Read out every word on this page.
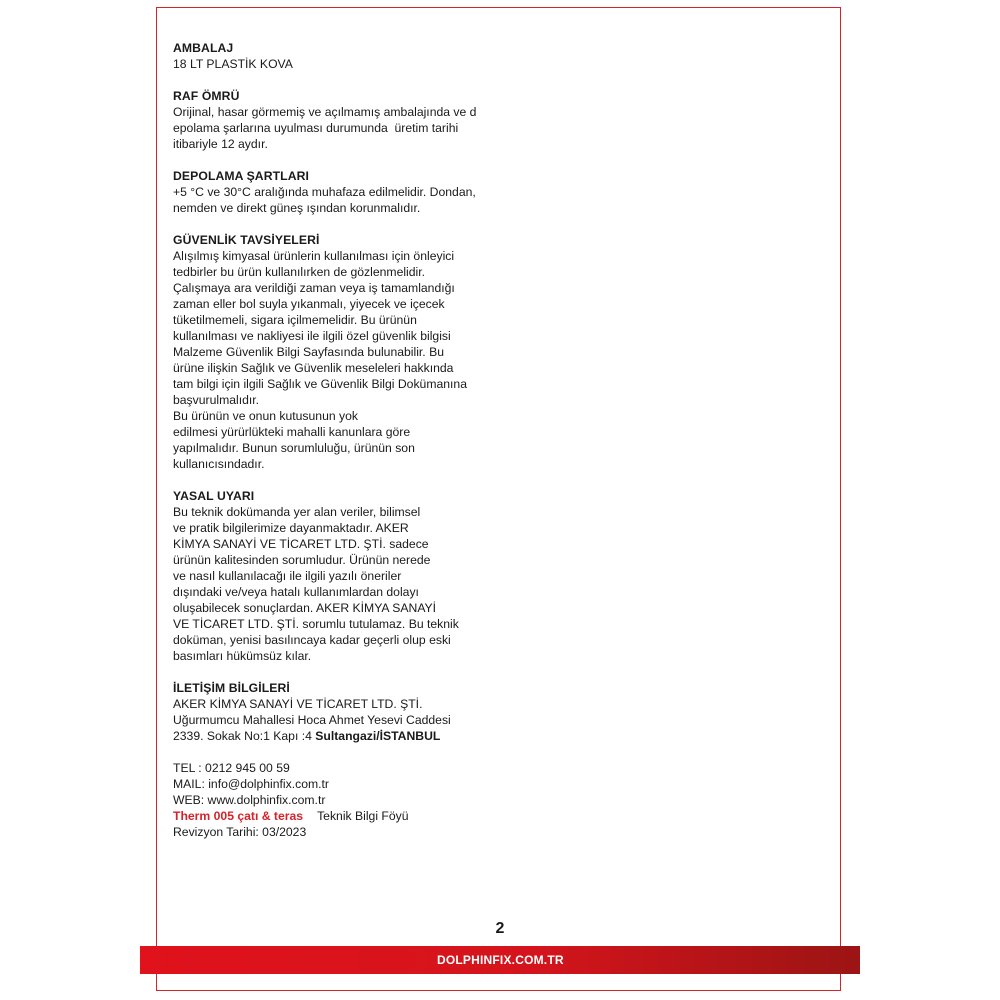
AMBALAJ
18 LT PLASTİK KOVA
RAF ÖMRÜ
Orijinal, hasar görmemiş ve açılmamış ambalajında ve d
epolama şarlarına uyulması durumunda  üretim tarihi
itibariyle 12 aydır.
DEPOLAMA ŞARTLARI
+5 °C ve 30°C aralığında muhafaza edilmelidir. Dondan,
nemden ve direkt güneş ışından korunmalıdır.
GÜVENLİK TAVSİYELERİ
Alışılmış kimyasal ürünlerin kullanılması için önleyici
tedbirler bu ürün kullanılırken de gözlenmelidir.
Çalışmaya ara verildiği zaman veya iş tamamlandığı
zaman eller bol suyla yıkanmalı, yiyecek ve içecek
tüketilmemeli, sigara içilmemelidir. Bu ürünün
kullanılması ve nakliyesi ile ilgili özel güvenlik bilgisi
Malzeme Güvenlik Bilgi Sayfasında bulunabilir. Bu
ürüne ilişkin Sağlık ve Güvenlik meseleleri hakkında
tam bilgi için ilgili Sağlık ve Güvenlik Bilgi Dokümanına
başvurulmalıdır.
Bu ürünün ve onun kutusunun yok
edilmesi yürürlükteki mahalli kanunlara göre
yapılmalıdır. Bunun sorumluluğu, ürünün son
kullanıcısındadır.
YASAL UYARI
Bu teknik dokümanda yer alan veriler, bilimsel
ve pratik bilgilerimize dayanmaktadır. AKER
KİMYA SANAYİ VE TİCARET LTD. ŞTİ. sadece
ürünün kalitesinden sorumludur. Ürünün nerede
ve nasıl kullanılacağı ile ilgili yazılı öneriler
dışındaki ve/veya hatalı kullanımlardan dolayı
oluşabilecek sonuçlardan. AKER KİMYA SANAYİ
VE TİCARET LTD. ŞTİ. sorumlu tutulamaz. Bu teknik
doküman, yenisi basılıncaya kadar geçerli olup eski
basımları hükümsüz kılar.
İLETİŞİM BİLGİLERİ
AKER KİMYA SANAYİ VE TİCARET LTD. ŞTİ.
Uğurmumcu Mahallesi Hoca Ahmet Yesevi Caddesi
2339. Sokak No:1 Kapı :4 Sultangazi/İSTANBUL

TEL : 0212 945 00 59
MAIL: info@dolphinfix.com.tr
WEB: www.dolphinfix.com.tr
Therm 005 çatı & teras Teknik Bilgi Föyü
Revizyon Tarihi: 03/2023
2
DOLPHINFIX.COM.TR
